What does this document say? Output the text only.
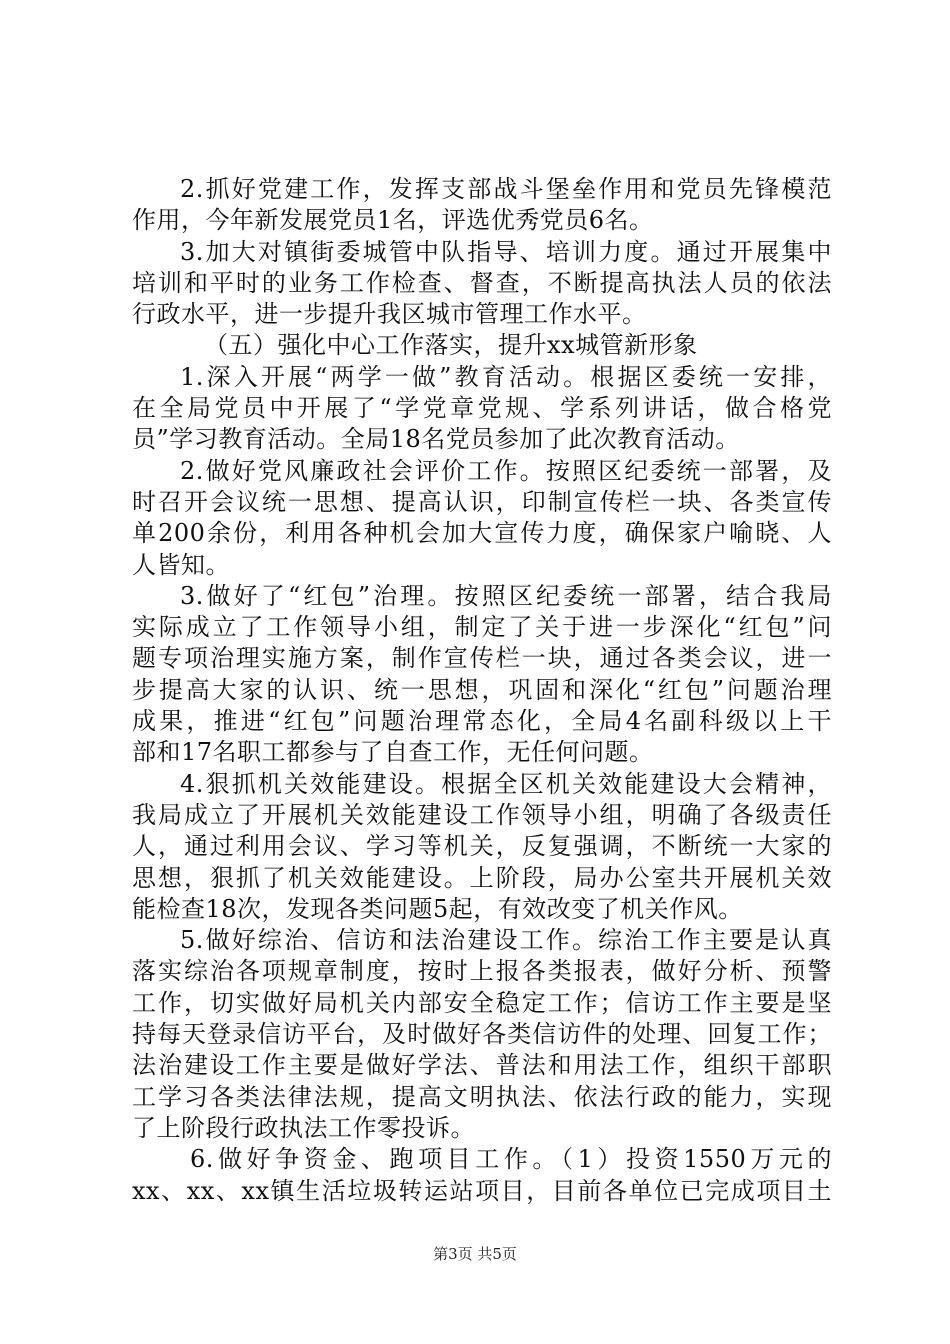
2.抓好党建工作，发挥支部战斗堡垒作用和党员先锋模范
作用，今年新发展党员1名，评选优秀党员6名。
3.加大对镇街委城管中队指导、培训力度。通过开展集中
培训和平时的业务工作检查、督查，不断提高执法人员的依法
行政水平，进一步提升我区城市管理工作水平。
（五）强化中心工作落实，提升xx城管新形象
1.深入开展“两学一做”教育活动。根据区委统一安排，
在全局党员中开展了“学党章党规、学系列讲话，做合格党
员”学习教育活动。全局18名党员参加了此次教育活动。
2.做好党风廉政社会评价工作。按照区纪委统一部署，及
时召开会议统一思想、提高认识，印制宣传栏一块、各类宣传
单200余份，利用各种机会加大宣传力度，确保家户喻晓、人
人皆知。
3.做好了“红包”治理。按照区纪委统一部署，结合我局
实际成立了工作领导小组，制定了关于进一步深化“红包”问
题专项治理实施方案，制作宣传栏一块，通过各类会议，进一
步提高大家的认识、统一思想，巩固和深化“红包”问题治理
成果，推进“红包”问题治理常态化，全局4名副科级以上干
部和17名职工都参与了自查工作，无任何问题。
4.狠抓机关效能建设。根据全区机关效能建设大会精神，
我局成立了开展机关效能建设工作领导小组，明确了各级责任
人，通过利用会议、学习等机关，反复强调，不断统一大家的
思想，狠抓了机关效能建设。上阶段，局办公室共开展机关效
能检查18次，发现各类问题5起，有效改变了机关作风。
5.做好综治、信访和法治建设工作。综治工作主要是认真
落实综治各项规章制度，按时上报各类报表，做好分析、预警
工作，切实做好局机关内部安全稳定工作；信访工作主要是坚
持每天登录信访平台，及时做好各类信访件的处理、回复工作；
法治建设工作主要是做好学法、普法和用法工作，组织干部职
工学习各类法律法规，提高文明执法、依法行政的能力，实现
了上阶段行政执法工作零投诉。
6.做好争资金、跑项目工作。（1）投资1550万元的
xx、xx、xx镇生活垃圾转运站项目，目前各单位已完成项目土
第3页 共5页
